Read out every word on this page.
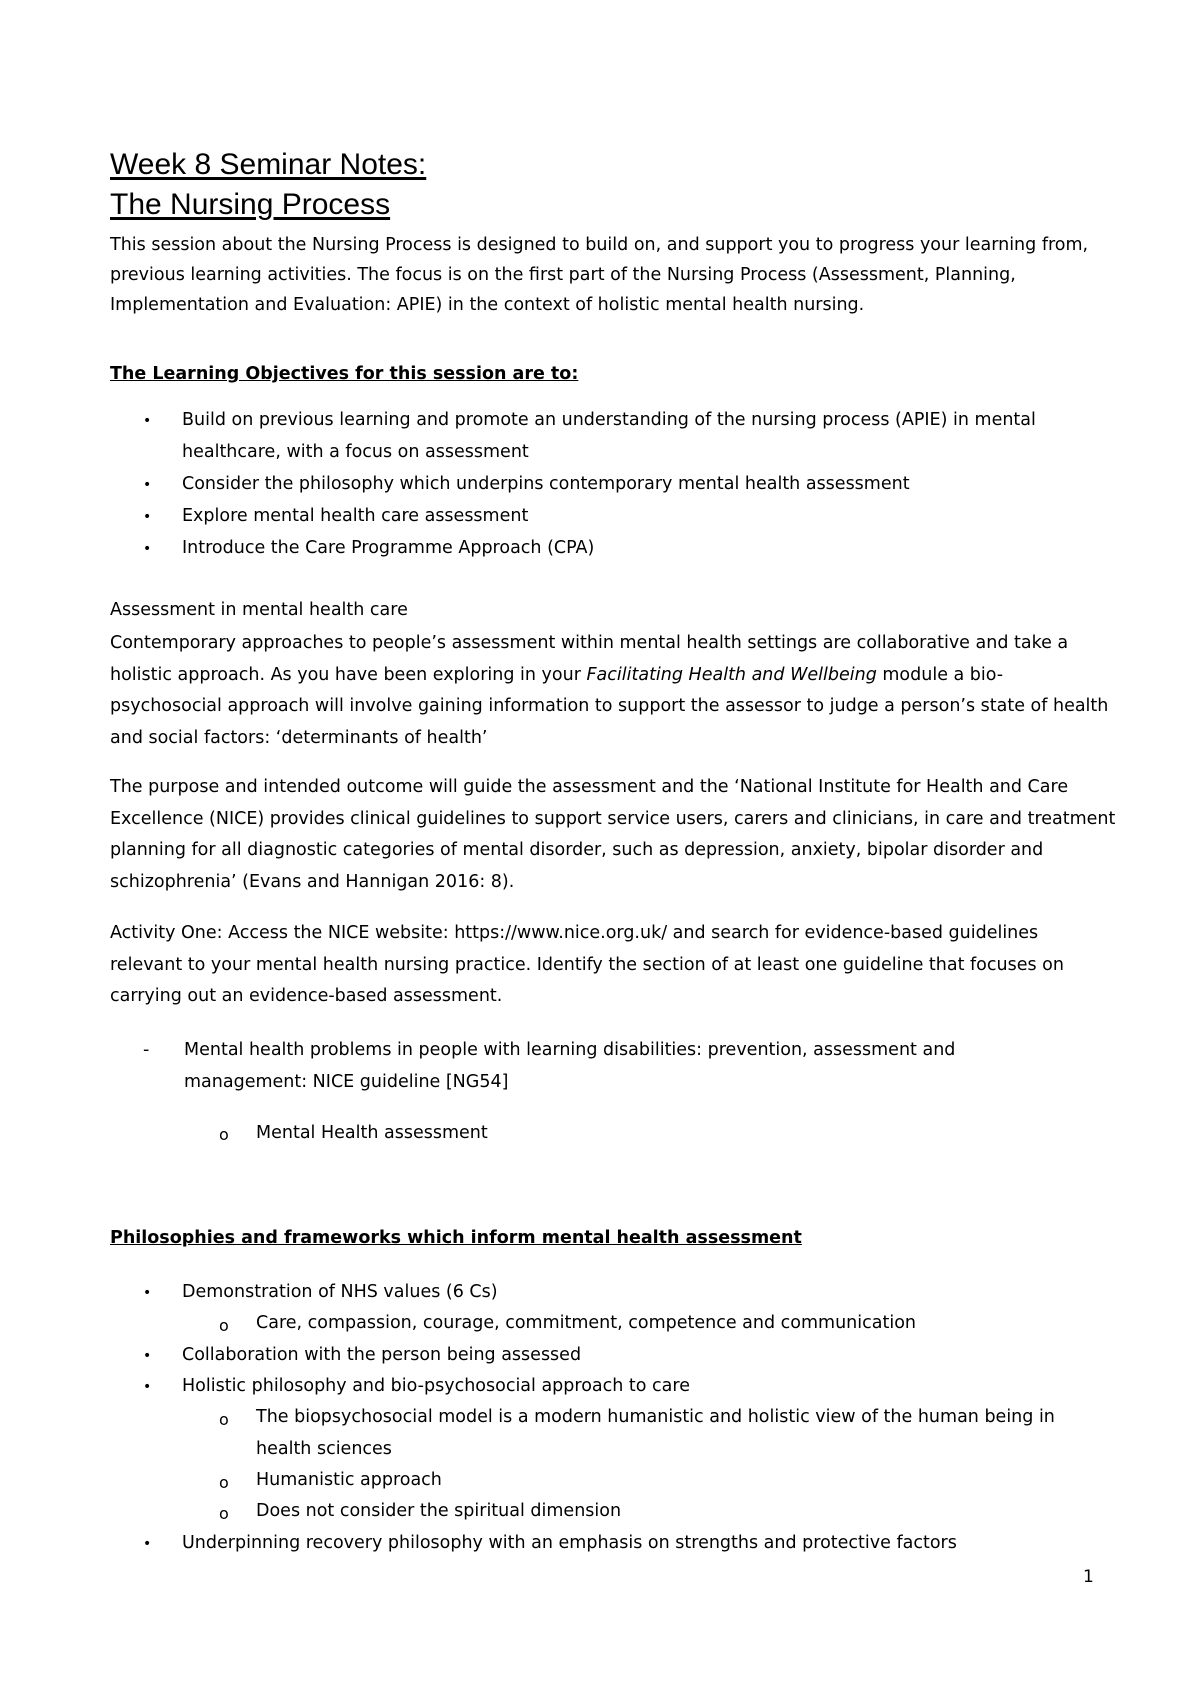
Week 8 Seminar Notes:
The Nursing Process

This session about the Nursing Process is designed to build on, and support you to progress your learning from, previous learning activities. The focus is on the first part of the Nursing Process (Assessment, Planning, Implementation and Evaluation: APIE) in the context of holistic mental health nursing.

The Learning Objectives for this session are to:

• Build on previous learning and promote an understanding of the nursing process (APIE) in mental

healthcare, with a focus on assessment

• Consider the philosophy which underpins contemporary mental health assessment

• Explore mental health care assessment

• Introduce the Care Programme Approach (CPA)

Assessment in mental health care

Contemporary approaches to people’s assessment within mental health settings are collaborative and take a holistic approach. As you have been exploring in your Facilitating Health and Wellbeing module a bio-psychosocial approach will involve gaining information to support the assessor to judge a person’s state of health and social factors: ‘determinants of health’

The purpose and intended outcome will guide the assessment and the ‘National Institute for Health and Care Excellence (NICE) provides clinical guidelines to support service users, carers and clinicians, in care and treatment planning for all diagnostic categories of mental disorder, such as depression, anxiety, bipolar disorder and schizophrenia’ (Evans and Hannigan 2016: 8).

Activity One: Access the NICE website: https://www.nice.org.uk/ and search for evidence-based guidelines relevant to your mental health nursing practice. Identify the section of at least one guideline that focuses on carrying out an evidence-based assessment.

- Mental health problems in people with learning disabilities: prevention, assessment and

management: NICE guideline [NG54]

o Mental Health assessment

Philosophies and frameworks which inform mental health assessment

• Demonstration of NHS values (6 Cs)

o Care, compassion, courage, commitment, competence and communication

• Collaboration with the person being assessed

• Holistic philosophy and bio-psychosocial approach to care

o The biopsychosocial model is a modern humanistic and holistic view of the human being in

health sciences

o Humanistic approach

o Does not consider the spiritual dimension

• Underpinning recovery philosophy with an emphasis on strengths and protective factors

1
